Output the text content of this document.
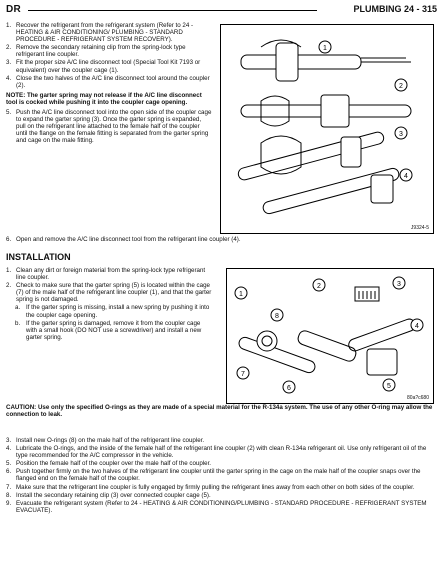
DR	PLUMBING 24 - 315
1. Recover the refrigerant from the refrigerant system (Refer to 24 - HEATING & AIR CONDITIONING/ PLUMBING - STANDARD PROCEDURE - REFRIGERANT SYSTEM RECOVERY).
2. Remove the secondary retaining clip from the spring-lock type refrigerant line coupler.
3. Fit the proper size A/C line disconnect tool (Special Tool Kit 7193 or equivalent) over the coupler cage (1).
4. Close the two halves of the A/C line disconnect tool around the coupler (2).
NOTE: The garter spring may not release if the A/C line disconnect tool is cocked while pushing it into the coupler cage opening.
5. Push the A/C line disconnect tool into the open side of the coupler cage to expand the garter spring (3). Once the garter spring is expanded, pull on the refrigerant line attached to the female half of the coupler until the flange on the female fitting is separated from the garter spring and cage on the male fitting.
6. Open and remove the A/C line disconnect tool from the refrigerant line coupler (4).
1
2
3
4
J9324-5
INSTALLATION
1. Clean any dirt or foreign material from the spring-lock type refrigerant line coupler.
2. Check to make sure that the garter spring (5) is located within the cage (7) of the male half of the refrigerant line coupler (1), and that the garter spring is not damaged.
a. If the garter spring is missing, install a new spring by pushing it into the coupler cage opening.
b. If the garter spring is damaged, remove it from the coupler cage with a small hook (DO NOT use a screwdriver) and install a new garter spring.
1
2	3
4
5
6
7
8
80a?c680
CAUTION: Use only the specified O-rings as they are made of a special material for the R-134a system. The use of any other O-ring may allow the connection to leak.
3. Install new O-rings (8) on the male half of the refrigerant line coupler.
4. Lubricate the O-rings, and the inside of the female half of the refrigerant line coupler (2) with clean R-134a refrigerant oil. Use only refrigerant oil of the type recommended for the A/C compressor in the vehicle.
5. Position the female half of the coupler over the male half of the coupler.
6. Push together firmly on the two halves of the refrigerant line coupler until the garter spring in the cage on the male half of the coupler snaps over the flanged end on the female half of the coupler.
7. Make sure that the refrigerant line coupler is fully engaged by firmly pulling the refrigerant lines away from each other on both sides of the coupler.
8. Install the secondary retaining clip (3) over connected coupler cage (5).
9. Evacuate the refrigerant system (Refer to 24 - HEATING & AIR CONDITIONING/PLUMBING - STANDARD PROCEDURE - REFRIGERANT SYSTEM EVACUATE).
